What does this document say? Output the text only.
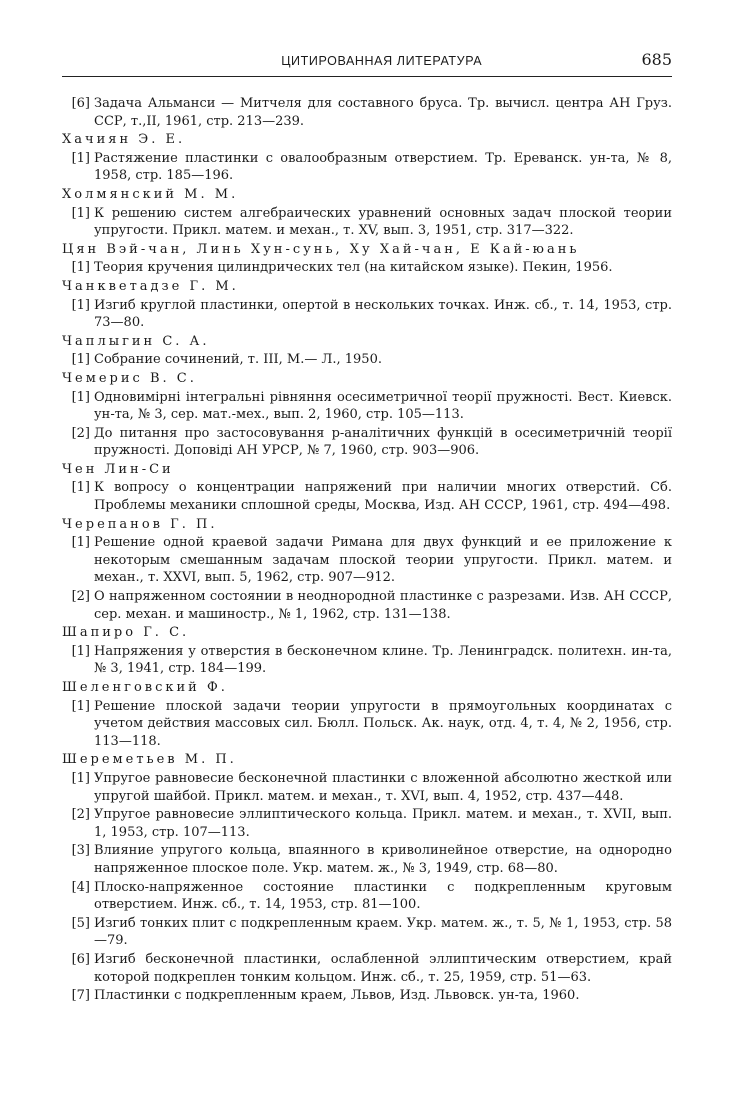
ЦИТИРОВАННАЯ ЛИТЕРАТУРА	685
[6] Задача Альманси — Митчеля для составного бруса. Тр. вычисл. центра АН Груз. ССР, т.,II, 1961, стр. 213—239.
Хачиян Э. Е.
[1] Растяжение пластинки с овалообразным отверстием. Тр. Ереванск. ун-та, № 8, 1958, стр. 185—196.
Холмянский М. М.
[1] К решению систем алгебраических уравнений основных задач плоской теории упругости. Прикл. матем. и механ., т. XV, вып. 3, 1951, стр. 317—322.
Цян Вэй-чан, Линь Хун-сунь, Ху Хай-чан, Е Кай-юань
[1] Теория кручения цилиндрических тел (на китайском языке). Пекин, 1956.
Чанкветадзе Г. М.
[1] Изгиб круглой пластинки, опертой в нескольких точках. Инж. сб., т. 14, 1953, стр. 73—80.
Чаплыгин С. А.
[1] Собрание сочинений, т. III, М.— Л., 1950.
Чемерис В. С.
[1] Одновимірні інтегральні рівняння осесиметричної теорії пружності. Вест. Киевск. ун-та, № 3, сер. мат.-мех., вып. 2, 1960, стр. 105—113.
[2] До питання про застосовування p-аналітичних функцій в осесиметричній теорії пружності. Доповіді АН УРСР, № 7, 1960, стр. 903—906.
Чен Лин-Си
[1] К вопросу о концентрации напряжений при наличии многих отверстий. Сб. Проблемы механики сплошной среды, Москва, Изд. АН СССР, 1961, стр. 494—498.
Черепанов Г. П.
[1] Решение одной краевой задачи Римана для двух функций и ее приложение к некоторым смешанным задачам плоской теории упругости. Прикл. матем. и механ., т. XXVI, вып. 5, 1962, стр. 907—912.
[2] О напряженном состоянии в неоднородной пластинке с разрезами. Изв. АН СССР, сер. механ. и машиностр., № 1, 1962, стр. 131—138.
Шапиро Г. С.
[1] Напряжения у отверстия в бесконечном клине. Тр. Ленинградск. политехн. ин-та, № 3, 1941, стр. 184—199.
Шеленговский Ф.
[1] Решение плоской задачи теории упругости в прямоугольных координатах с учетом действия массовых сил. Бюлл. Польск. Ак. наук, отд. 4, т. 4, № 2, 1956, стр. 113—118.
Шереметьев М. П.
[1] Упругое равновесие бесконечной пластинки с вложенной абсолютно жесткой или упругой шайбой. Прикл. матем. и механ., т. XVI, вып. 4, 1952, стр. 437—448.
[2] Упругое равновесие эллиптического кольца. Прикл. матем. и механ., т. XVII, вып. 1, 1953, стр. 107—113.
[3] Влияние упругого кольца, впаянного в криволинейное отверстие, на однородно напряженное плоское поле. Укр. матем. ж., № 3, 1949, стр. 68—80.
[4] Плоско-напряженное состояние пластинки с подкрепленным круговым отверстием. Инж. сб., т. 14, 1953, стр. 81—100.
[5] Изгиб тонких плит с подкрепленным краем. Укр. матем. ж., т. 5, № 1, 1953, стр. 58—79.
[6] Изгиб бесконечной пластинки, ослабленной эллиптическим отверстием, край которой подкреплен тонким кольцом. Инж. сб., т. 25, 1959, стр. 51—63.
[7] Пластинки с подкрепленным краем, Львов, Изд. Львовск. ун-та, 1960.
